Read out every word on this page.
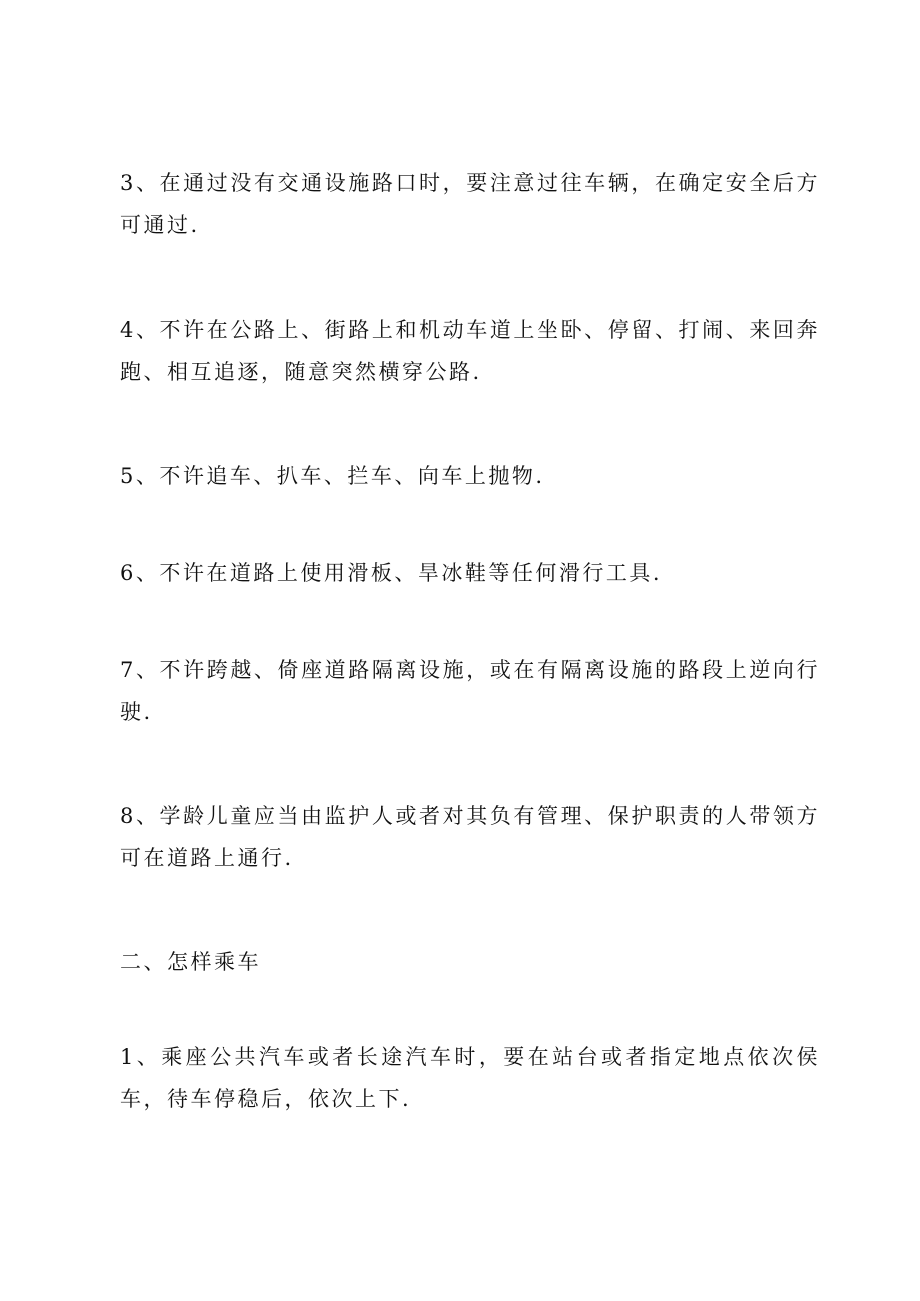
3、在通过没有交通设施路口时，要注意过往车辆，在确定安全后方可通过.

4、不许在公路上、街路上和机动车道上坐卧、停留、打闹、来回奔跑、相互追逐，随意突然横穿公路.

5、不许追车、扒车、拦车、向车上抛物.

6、不许在道路上使用滑板、旱冰鞋等任何滑行工具.

7、不许跨越、倚座道路隔离设施，或在有隔离设施的路段上逆向行驶.

8、学龄儿童应当由监护人或者对其负有管理、保护职责的人带领方可在道路上通行.

二、怎样乘车

1、乘座公共汽车或者长途汽车时，要在站台或者指定地点依次侯车，待车停稳后，依次上下.
